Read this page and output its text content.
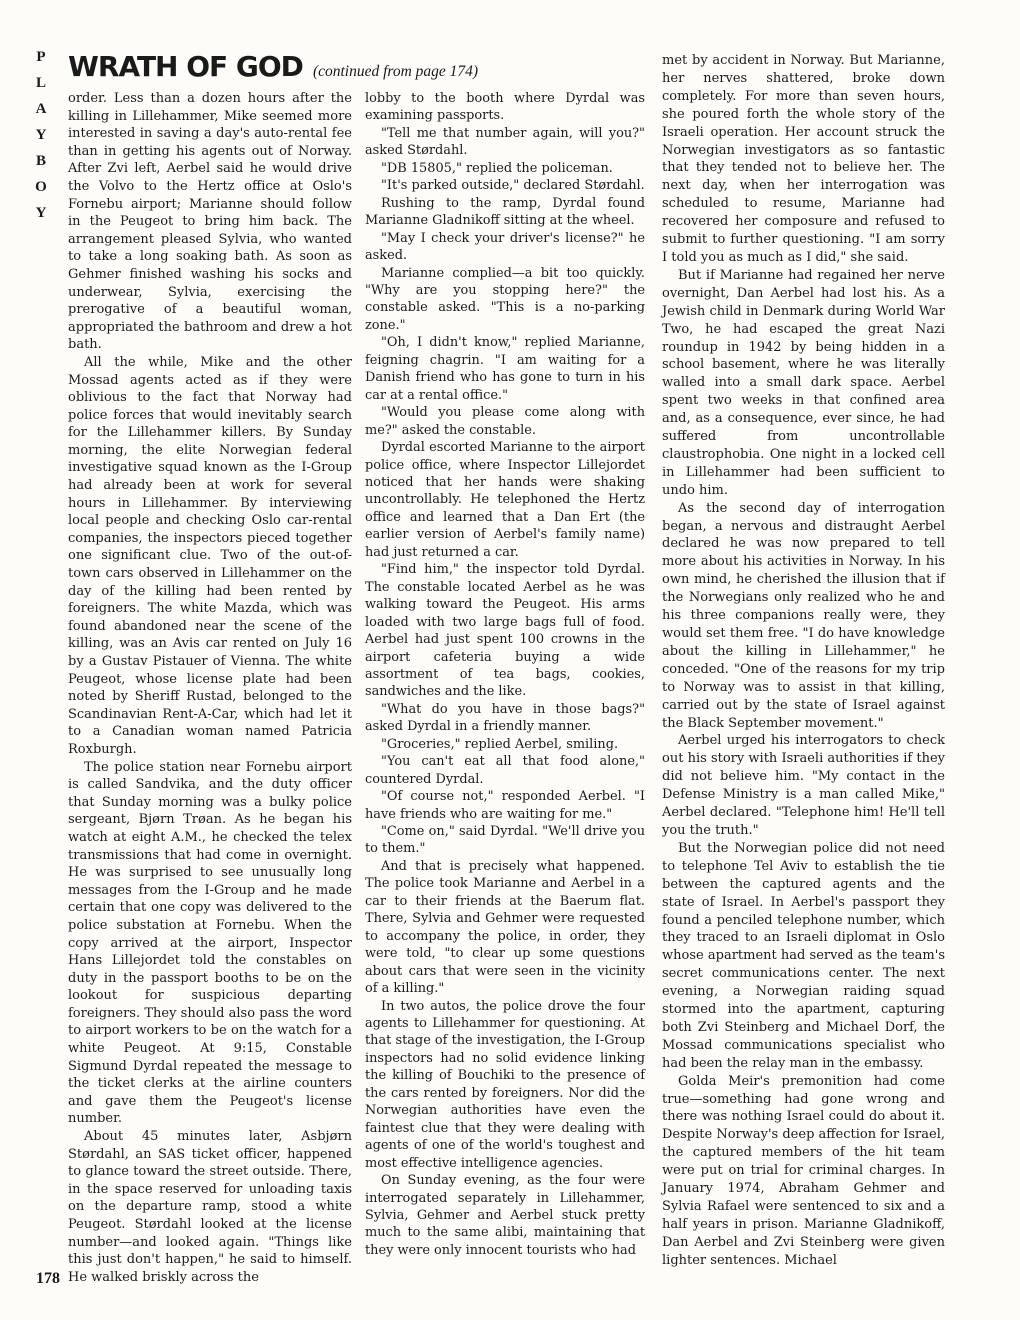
P
L
A
Y
B
O
Y
WRATH OF GOD (continued from page 174)

order. Less than a dozen hours after the killing in Lillehammer, Mike seemed more interested in saving a day's auto-rental fee than in getting his agents out of Norway. After Zvi left, Aerbel said he would drive the Volvo to the Hertz office at Oslo's Fornebu airport; Marianne should follow in the Peugeot to bring him back. The arrangement pleased Sylvia, who wanted to take a long soaking bath. As soon as Gehmer finished washing his socks and underwear, Sylvia, exercising the prerogative of a beautiful woman, appropriated the bathroom and drew a hot bath.

All the while, Mike and the other Mossad agents acted as if they were oblivious to the fact that Norway had police forces that would inevitably search for the Lillehammer killers. By Sunday morning, the elite Norwegian federal investigative squad known as the I-Group had already been at work for several hours in Lillehammer. By interviewing local people and checking Oslo car-rental companies, the inspectors pieced together one significant clue. Two of the out-of-town cars observed in Lillehammer on the day of the killing had been rented by foreigners. The white Mazda, which was found abandoned near the scene of the killing, was an Avis car rented on July 16 by a Gustav Pistauer of Vienna. The white Peugeot, whose license plate had been noted by Sheriff Rustad, belonged to the Scandinavian Rent-A-Car, which had let it to a Canadian woman named Patricia Roxburgh.

The police station near Fornebu airport is called Sandvika, and the duty officer that Sunday morning was a bulky police sergeant, Bjørn Trøan. As he began his watch at eight A.M., he checked the telex transmissions that had come in overnight. He was surprised to see unusually long messages from the I-Group and he made certain that one copy was delivered to the police substation at Fornebu. When the copy arrived at the airport, Inspector Hans Lillejordet told the constables on duty in the passport booths to be on the lookout for suspicious departing foreigners. They should also pass the word to airport workers to be on the watch for a white Peugeot. At 9:15, Constable Sigmund Dyrdal repeated the message to the ticket clerks at the airline counters and gave them the Peugeot's license number.

About 45 minutes later, Asbjørn Størdahl, an SAS ticket officer, happened to glance toward the street outside. There, in the space reserved for unloading taxis on the departure ramp, stood a white Peugeot. Størdahl looked at the license number—and looked again. "Things like this just don't happen," he said to himself. He walked briskly across the

lobby to the booth where Dyrdal was examining passports.

"Tell me that number again, will you?" asked Størdahl.

"DB 15805," replied the policeman.

"It's parked outside," declared Størdahl.

Rushing to the ramp, Dyrdal found Marianne Gladnikoff sitting at the wheel.

"May I check your driver's license?" he asked.

Marianne complied—a bit too quickly. "Why are you stopping here?" the constable asked. "This is a no-parking zone."

"Oh, I didn't know," replied Marianne, feigning chagrin. "I am waiting for a Danish friend who has gone to turn in his car at a rental office."

"Would you please come along with me?" asked the constable.

Dyrdal escorted Marianne to the airport police office, where Inspector Lillejordet noticed that her hands were shaking uncontrollably. He telephoned the Hertz office and learned that a Dan Ert (the earlier version of Aerbel's family name) had just returned a car.

"Find him," the inspector told Dyrdal. The constable located Aerbel as he was walking toward the Peugeot. His arms loaded with two large bags full of food. Aerbel had just spent 100 crowns in the airport cafeteria buying a wide assortment of tea bags, cookies, sandwiches and the like.

"What do you have in those bags?" asked Dyrdal in a friendly manner.

"Groceries," replied Aerbel, smiling.

"You can't eat all that food alone," countered Dyrdal.

"Of course not," responded Aerbel. "I have friends who are waiting for me."

"Come on," said Dyrdal. "We'll drive you to them."

And that is precisely what happened. The police took Marianne and Aerbel in a car to their friends at the Baerum flat. There, Sylvia and Gehmer were requested to accompany the police, in order, they were told, "to clear up some questions about cars that were seen in the vicinity of a killing."

In two autos, the police drove the four agents to Lillehammer for questioning. At that stage of the investigation, the I-Group inspectors had no solid evidence linking the killing of Bouchiki to the presence of the cars rented by foreigners. Nor did the Norwegian authorities have even the faintest clue that they were dealing with agents of one of the world's toughest and most effective intelligence agencies.

On Sunday evening, as the four were interrogated separately in Lillehammer, Sylvia, Gehmer and Aerbel stuck pretty much to the same alibi, maintaining that they were only innocent tourists who had

met by accident in Norway. But Marianne, her nerves shattered, broke down completely. For more than seven hours, she poured forth the whole story of the Israeli operation. Her account struck the Norwegian investigators as so fantastic that they tended not to believe her. The next day, when her interrogation was scheduled to resume, Marianne had recovered her composure and refused to submit to further questioning. "I am sorry I told you as much as I did," she said.

But if Marianne had regained her nerve overnight, Dan Aerbel had lost his. As a Jewish child in Denmark during World War Two, he had escaped the great Nazi roundup in 1942 by being hidden in a school basement, where he was literally walled into a small dark space. Aerbel spent two weeks in that confined area and, as a consequence, ever since, he had suffered from uncontrollable claustrophobia. One night in a locked cell in Lillehammer had been sufficient to undo him.

As the second day of interrogation began, a nervous and distraught Aerbel declared he was now prepared to tell more about his activities in Norway. In his own mind, he cherished the illusion that if the Norwegians only realized who he and his three companions really were, they would set them free. "I do have knowledge about the killing in Lillehammer," he conceded. "One of the reasons for my trip to Norway was to assist in that killing, carried out by the state of Israel against the Black September movement."

Aerbel urged his interrogators to check out his story with Israeli authorities if they did not believe him. "My contact in the Defense Ministry is a man called Mike," Aerbel declared. "Telephone him! He'll tell you the truth."

But the Norwegian police did not need to telephone Tel Aviv to establish the tie between the captured agents and the state of Israel. In Aerbel's passport they found a penciled telephone number, which they traced to an Israeli diplomat in Oslo whose apartment had served as the team's secret communications center. The next evening, a Norwegian raiding squad stormed into the apartment, capturing both Zvi Steinberg and Michael Dorf, the Mossad communications specialist who had been the relay man in the embassy.

Golda Meir's premonition had come true—something had gone wrong and there was nothing Israel could do about it. Despite Norway's deep affection for Israel, the captured members of the hit team were put on trial for criminal charges. In January 1974, Abraham Gehmer and Sylvia Rafael were sentenced to six and a half years in prison. Marianne Gladnikoff, Dan Aerbel and Zvi Steinberg were given lighter sentences. Michael

178
